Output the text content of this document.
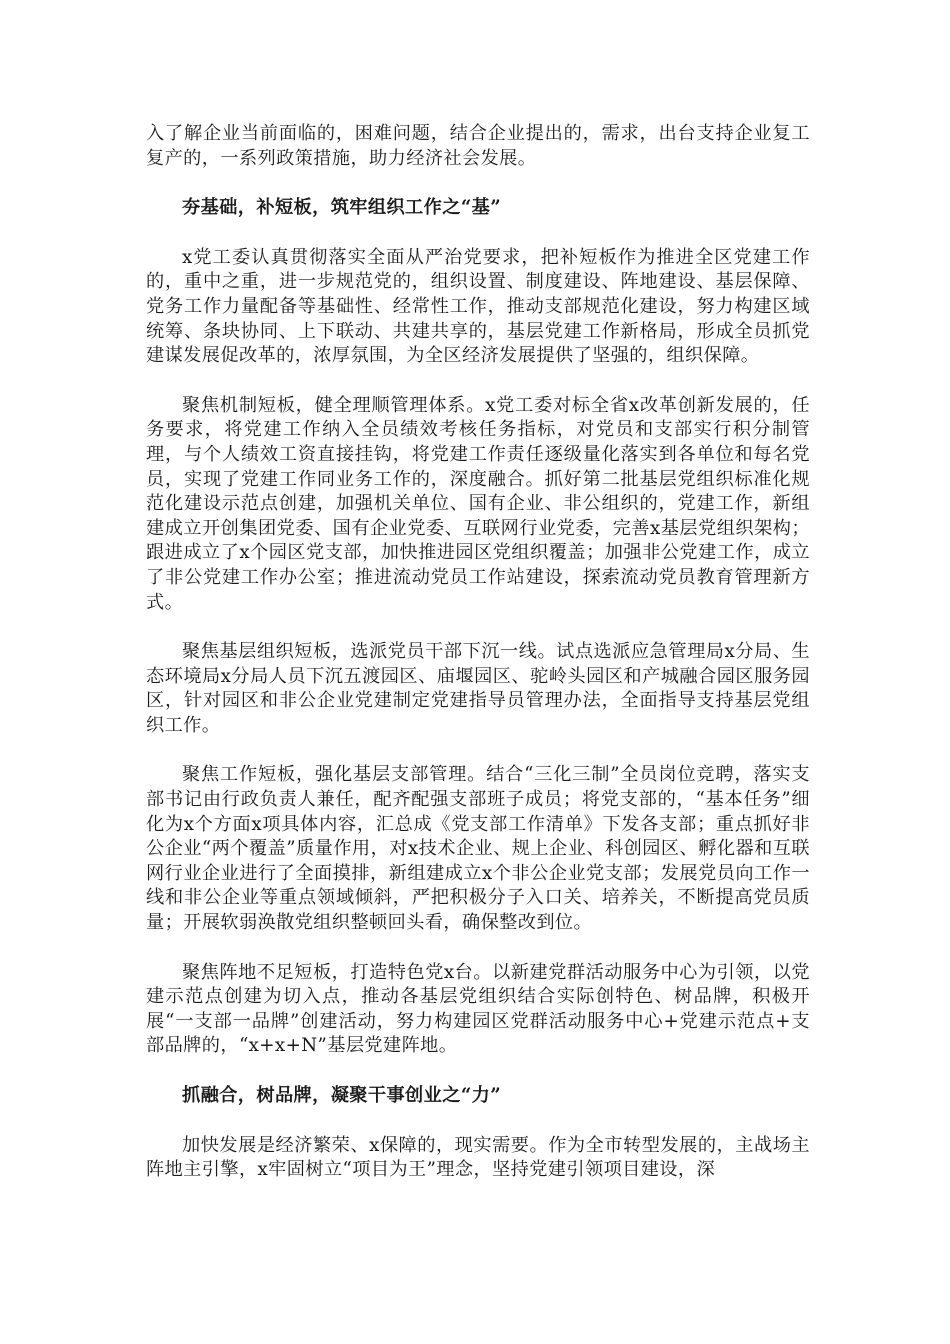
入了解企业当前面临的，困难问题，结合企业提出的，需求，出台支持企业复工复产的，一系列政策措施，助力经济社会发展。

夯基础，补短板，筑牢组织工作之“基”

x党工委认真贯彻落实全面从严治党要求，把补短板作为推进全区党建工作的，重中之重，进一步规范党的，组织设置、制度建设、阵地建设、基层保障、党务工作力量配备等基础性、经常性工作，推动支部规范化建设，努力构建区域统筹、条块协同、上下联动、共建共享的，基层党建工作新格局，形成全员抓党建谋发展促改革的，浓厚氛围，为全区经济发展提供了坚强的，组织保障。

聚焦机制短板，健全理顺管理体系。x党工委对标全省x改革创新发展的，任务要求，将党建工作纳入全员绩效考核任务指标，对党员和支部实行积分制管理，与个人绩效工资直接挂钩，将党建工作责任逐级量化落实到各单位和每名党员，实现了党建工作同业务工作的，深度融合。抓好第二批基层党组织标准化规范化建设示范点创建，加强机关单位、国有企业、非公组织的，党建工作，新组建成立开创集团党委、国有企业党委、互联网行业党委，完善x基层党组织架构；跟进成立了x个园区党支部，加快推进园区党组织覆盖；加强非公党建工作，成立了非公党建工作办公室；推进流动党员工作站建设，探索流动党员教育管理新方式。

聚焦基层组织短板，选派党员干部下沉一线。试点选派应急管理局x分局、生态环境局x分局人员下沉五渡园区、庙堰园区、驼岭头园区和产城融合园区服务园区，针对园区和非公企业党建制定党建指导员管理办法，全面指导支持基层党组织工作。

聚焦工作短板，强化基层支部管理。结合“三化三制”全员岗位竞聘，落实支部书记由行政负责人兼任，配齐配强支部班子成员；将党支部的，“基本任务”细化为x个方面x项具体内容，汇总成《党支部工作清单》下发各支部；重点抓好非公企业“两个覆盖”质量作用，对x技术企业、规上企业、科创园区、孵化器和互联网行业企业进行了全面摸排，新组建成立x个非公企业党支部；发展党员向工作一线和非公企业等重点领域倾斜，严把积极分子入口关、培养关，不断提高党员质量；开展软弱涣散党组织整顿回头看，确保整改到位。

聚焦阵地不足短板，打造特色党x台。以新建党群活动服务中心为引领，以党建示范点创建为切入点，推动各基层党组织结合实际创特色、树品牌，积极开展“一支部一品牌”创建活动，努力构建园区党群活动服务中心+党建示范点+支部品牌的，“x+x+N”基层党建阵地。

抓融合，树品牌，凝聚干事创业之“力”

加快发展是经济繁荣、x保障的，现实需要。作为全市转型发展的，主战场主阵地主引擎，x牢固树立“项目为王”理念，坚持党建引领项目建设，深
